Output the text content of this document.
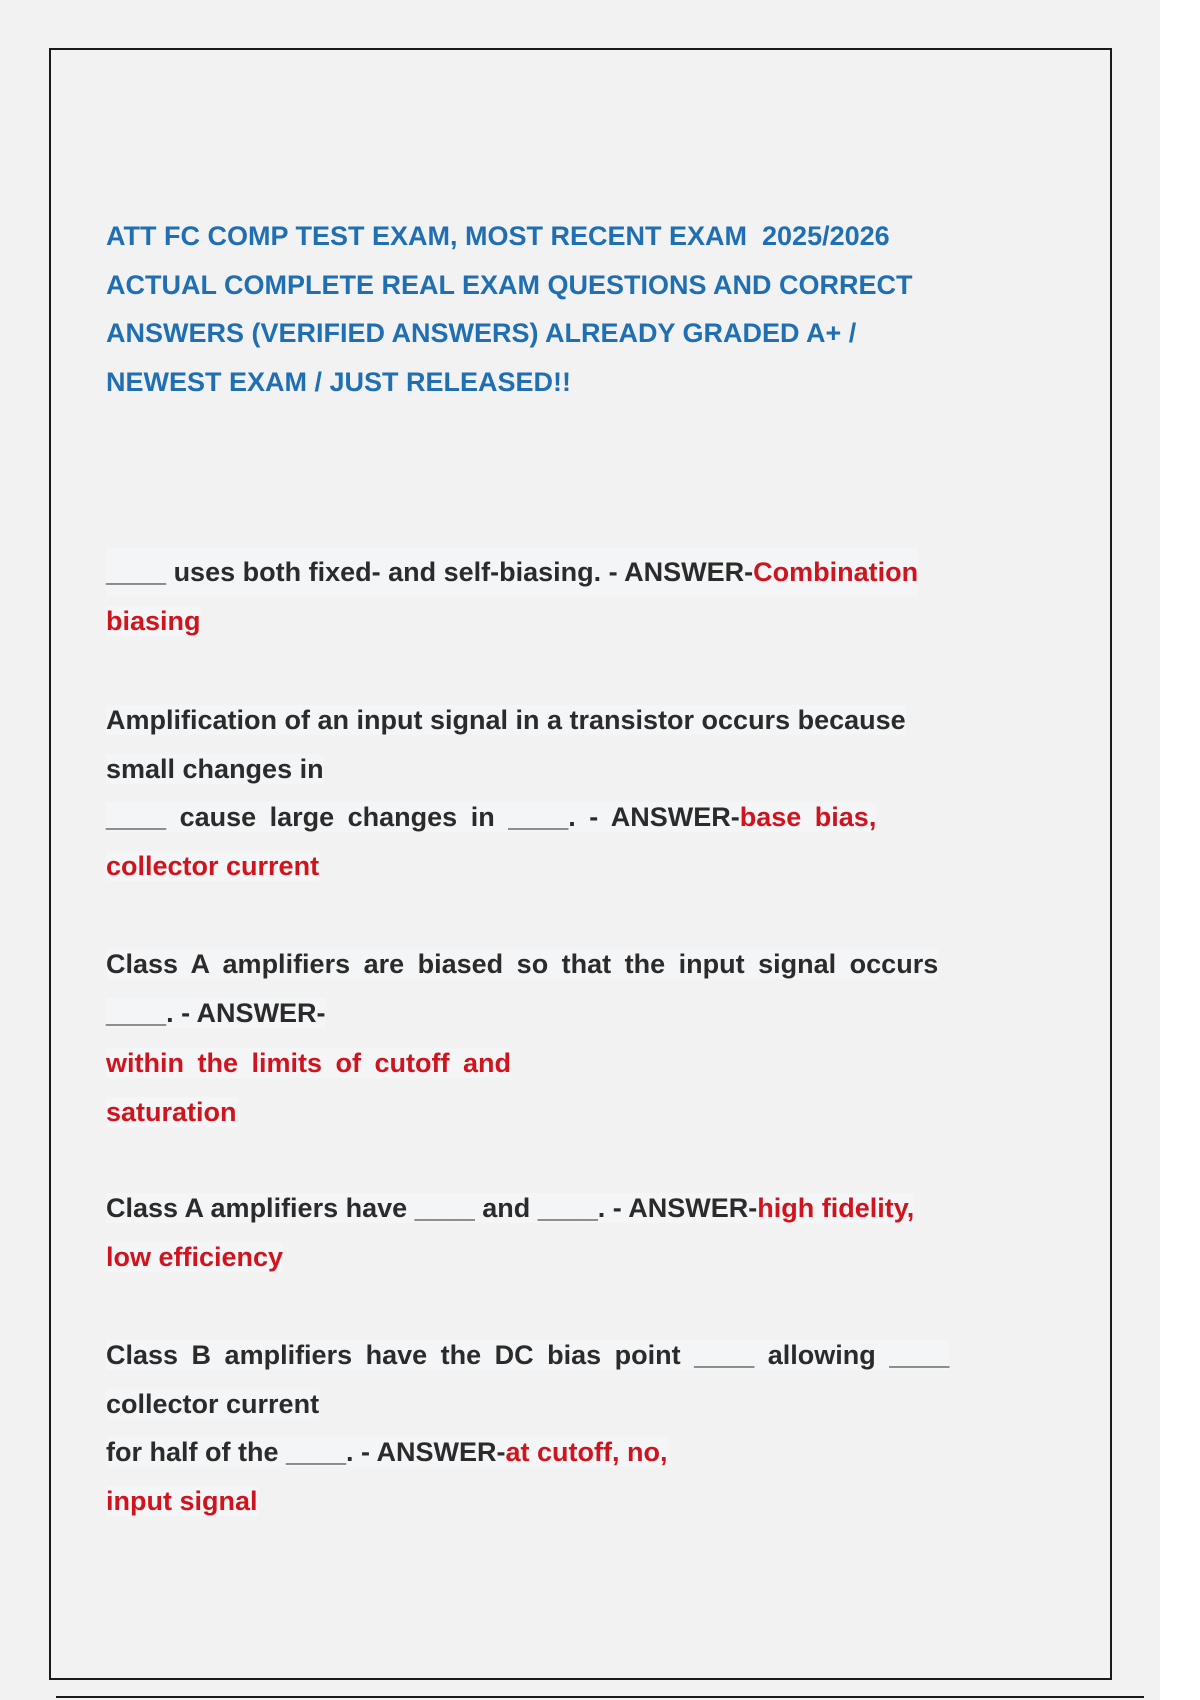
ATT FC COMP TEST EXAM, MOST RECENT EXAM  2025/2026
ACTUAL COMPLETE REAL EXAM QUESTIONS AND CORRECT
ANSWERS (VERIFIED ANSWERS) ALREADY GRADED A+ /
NEWEST EXAM / JUST RELEASED!!

____ uses both fixed- and self-biasing. - ANSWER-Combination
biasing

Amplification of an input signal in a transistor occurs because
small changes in
____ cause large changes in ____. - ANSWER-base bias,
collector current

Class A amplifiers are biased so that the input signal occurs
____. - ANSWER-
within the limits of cutoff and
saturation

Class A amplifiers have ____ and ____. - ANSWER-high fidelity,
low efficiency

Class B amplifiers have the DC bias point ____ allowing ____
collector current
for half of the ____. - ANSWER-at cutoff, no,
input signal
